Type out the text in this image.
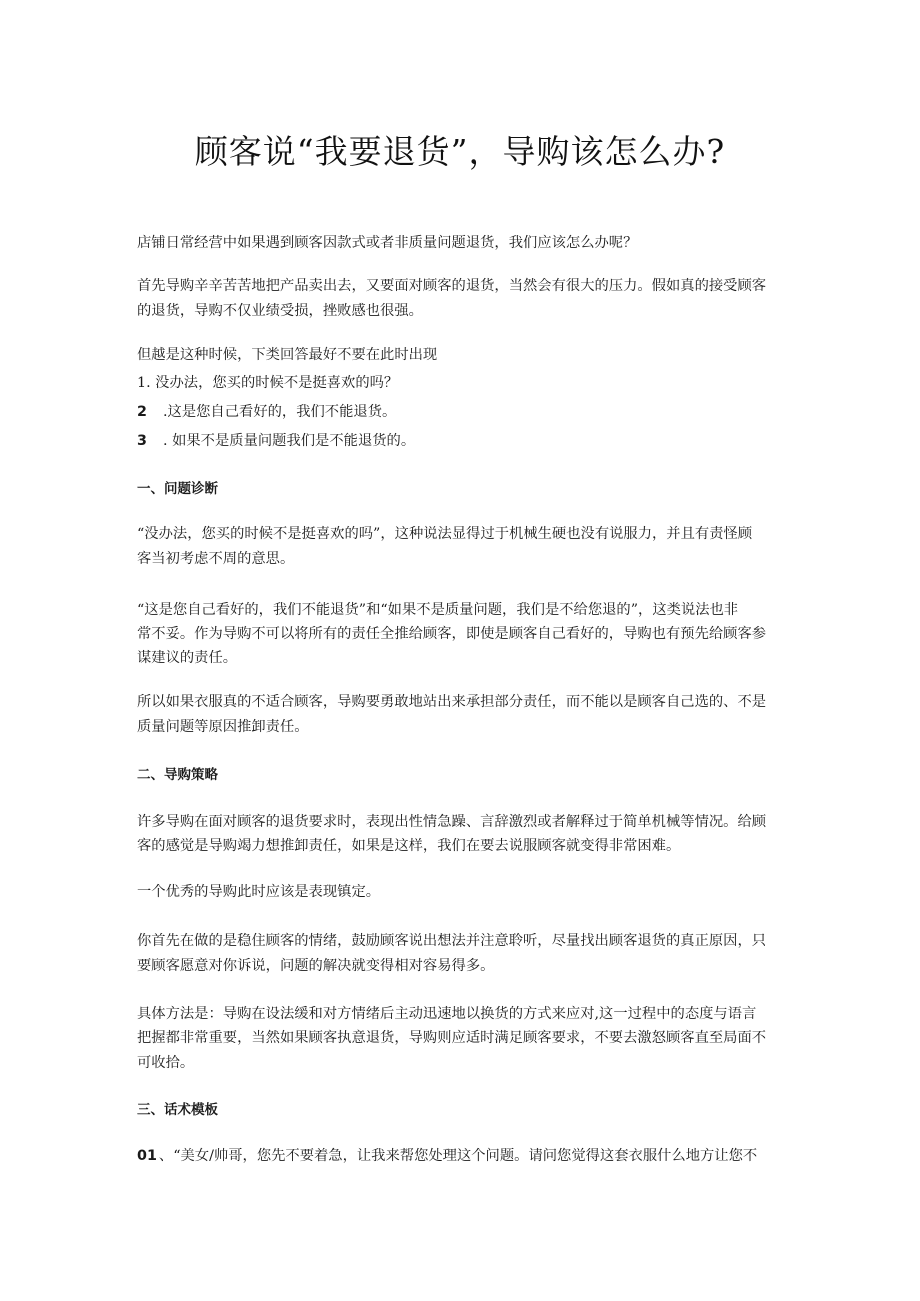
顾客说“我要退货”，导购该怎么办?
店铺日常经营中如果遇到顾客因款式或者非质量问题退货，我们应该怎么办呢？
首先导购辛辛苦苦地把产品卖出去，又要面对顾客的退货，当然会有很大的压力。假如真的接受顾客
的退货，导购不仅业绩受损，挫败感也很强。
但越是这种时候，下类回答最好不要在此时出现
1. 没办法，您买的时候不是挺喜欢的吗？
2 .这是您自己看好的，我们不能退货。
3 . 如果不是质量问题我们是不能退货的。
一、问题诊断
“没办法，您买的时候不是挺喜欢的吗”，这种说法显得过于机械生硬也没有说服力，并且有责怪顾
客当初考虑不周的意思。
“这是您自己看好的，我们不能退货”和“如果不是质量问题，我们是不给您退的”，这类说法也非
常不妥。作为导购不可以将所有的责任全推给顾客，即使是顾客自己看好的，导购也有预先给顾客参
谋建议的责任。
所以如果衣服真的不适合顾客，导购要勇敢地站出来承担部分责任，而不能以是顾客自己选的、不是
质量问题等原因推卸责任。
二、导购策略
许多导购在面对顾客的退货要求时，表现出性情急躁、言辞激烈或者解释过于简单机械等情况。给顾
客的感觉是导购竭力想推卸责任，如果是这样，我们在要去说服顾客就变得非常困难。
一个优秀的导购此时应该是表现镇定。
你首先在做的是稳住顾客的情绪，鼓励顾客说出想法并注意聆听，尽量找出顾客退货的真正原因，只
要顾客愿意对你诉说，问题的解决就变得相对容易得多。
具体方法是：导购在设法缓和对方情绪后主动迅速地以换货的方式来应对,这一过程中的态度与语言
把握都非常重要，当然如果顾客执意退货，导购则应适时满足顾客要求，不要去激怒顾客直至局面不
可收拾。
三、话术模板
01 、“美女/帅哥，您先不要着急，让我来帮您处理这个问题。请问您觉得这套衣服什么地方让您不
